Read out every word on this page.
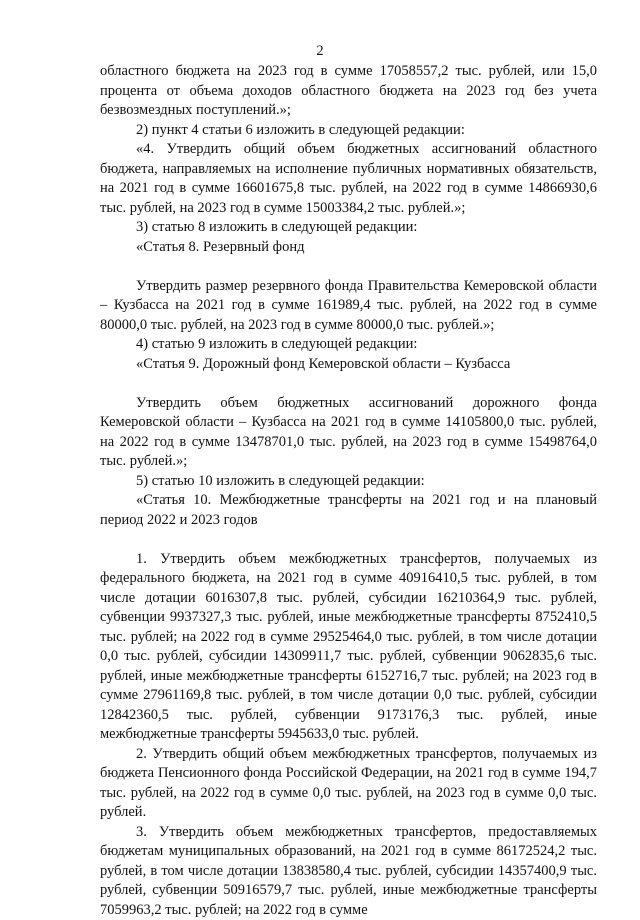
2

областного бюджета на 2023 год в сумме 17058557,2 тыс. рублей, или 15,0 процента от объема доходов областного бюджета на 2023 год без учета безвозмездных поступлений.»;

2) пункт 4 статьи 6 изложить в следующей редакции:

«4. Утвердить общий объем бюджетных ассигнований областного бюджета, направляемых на исполнение публичных нормативных обязательств, на 2021 год в сумме 16601675,8 тыс. рублей, на 2022 год в сумме 14866930,6 тыс. рублей, на 2023 год в сумме 15003384,2 тыс. рублей.»;

3) статью 8 изложить в следующей редакции:

«Статья 8. Резервный фонд

Утвердить размер резервного фонда Правительства Кемеровской области – Кузбасса на 2021 год в сумме 161989,4 тыс. рублей, на 2022 год в сумме 80000,0 тыс. рублей, на 2023 год в сумме 80000,0 тыс. рублей.»;

4) статью 9 изложить в следующей редакции:

«Статья 9. Дорожный фонд Кемеровской области – Кузбасса

Утвердить объем бюджетных ассигнований дорожного фонда Кемеровской области – Кузбасса на 2021 год в сумме 14105800,0 тыс. рублей, на 2022 год в сумме 13478701,0 тыс. рублей, на 2023 год в сумме 15498764,0 тыс. рублей.»;

5) статью 10 изложить в следующей редакции:

«Статья 10. Межбюджетные трансферты на 2021 год и на плановый период 2022 и 2023 годов

1. Утвердить объем межбюджетных трансфертов, получаемых из федерального бюджета, на 2021 год в сумме 40916410,5 тыс. рублей, в том числе дотации 6016307,8 тыс. рублей, субсидии 16210364,9 тыс. рублей, субвенции 9937327,3 тыс. рублей, иные межбюджетные трансферты 8752410,5 тыс. рублей; на 2022 год в сумме 29525464,0 тыс. рублей, в том числе дотации 0,0 тыс. рублей, субсидии 14309911,7 тыс. рублей, субвенции 9062835,6 тыс. рублей, иные межбюджетные трансферты 6152716,7 тыс. рублей; на 2023 год в сумме 27961169,8 тыс. рублей, в том числе дотации 0,0 тыс. рублей, субсидии 12842360,5 тыс. рублей, субвенции 9173176,3 тыс. рублей, иные межбюджетные трансферты 5945633,0 тыс. рублей.

2. Утвердить общий объем межбюджетных трансфертов, получаемых из бюджета Пенсионного фонда Российской Федерации, на 2021 год в сумме 194,7 тыс. рублей, на 2022 год в сумме 0,0 тыс. рублей, на 2023 год в сумме 0,0 тыс. рублей.

3. Утвердить объем межбюджетных трансфертов, предоставляемых бюджетам муниципальных образований, на 2021 год в сумме 86172524,2 тыс. рублей, в том числе дотации 13838580,4 тыс. рублей, субсидии 14357400,9 тыс. рублей, субвенции 50916579,7 тыс. рублей, иные межбюджетные трансферты 7059963,2 тыс. рублей; на 2022 год в сумме
